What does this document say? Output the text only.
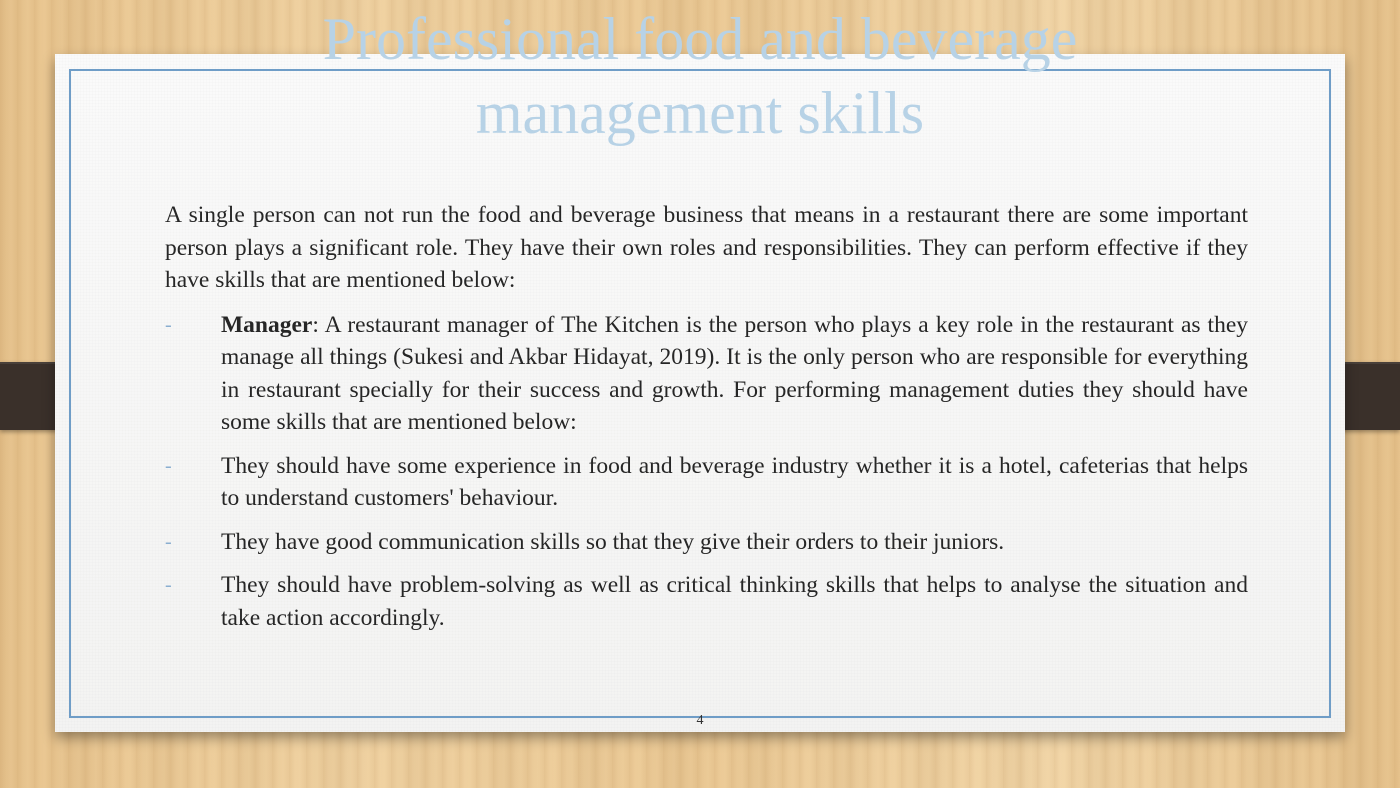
Professional food and beverage
management skills

A single person can not run the food and beverage business that means in a restaurant there are some important person plays a significant role. They have their own roles and responsibilities. They can perform effective if they have skills that are mentioned below:

- Manager: A restaurant manager of The Kitchen is the person who plays a key role in the restaurant as they manage all things (Sukesi and Akbar Hidayat, 2019). It is the only person who are responsible for everything in restaurant specially for their success and growth. For performing management duties they should have some skills that are mentioned below:
- They should have some experience in food and beverage industry whether it is a hotel, cafeterias that helps to understand customers' behaviour.
- They have good communication skills so that they give their orders to their juniors.
- They should have problem-solving as well as critical thinking skills that helps to analyse the situation and take action accordingly.
4
